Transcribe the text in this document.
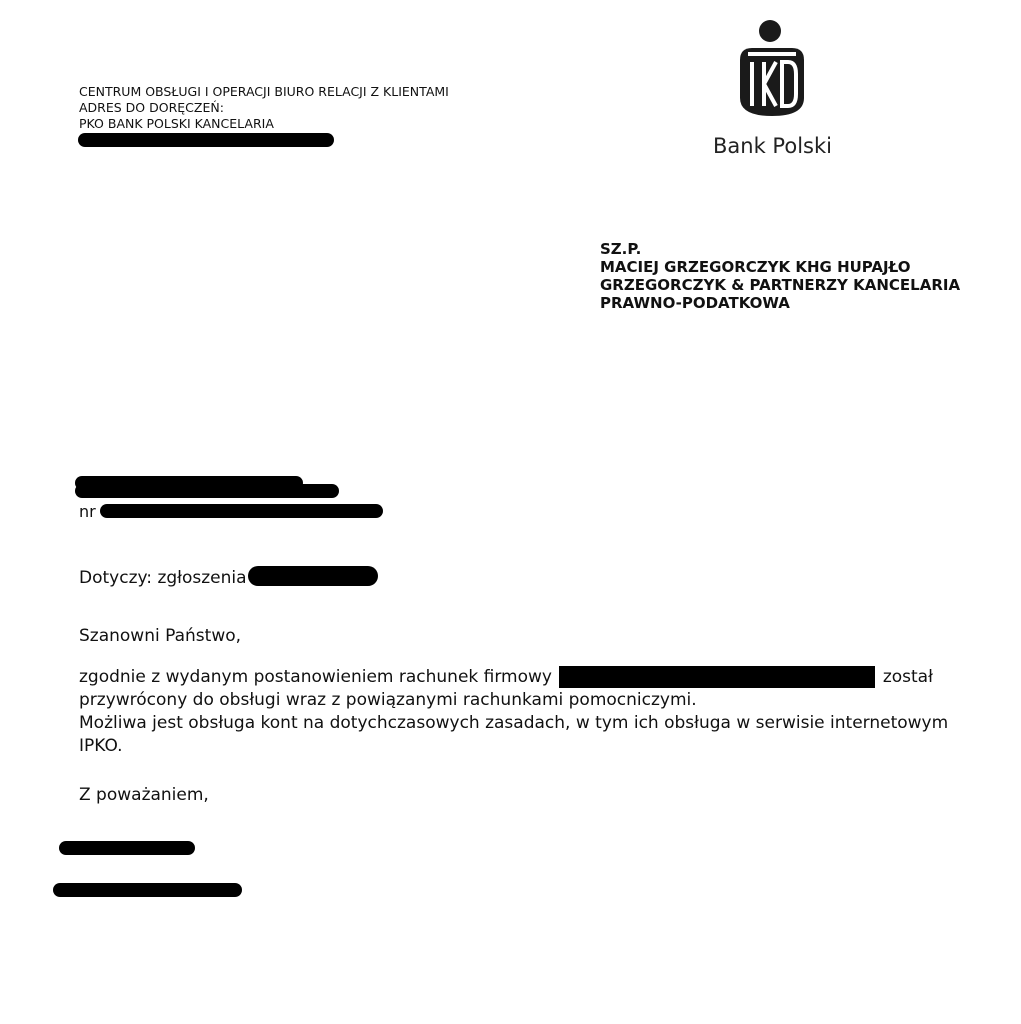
CENTRUM OBSŁUGI I OPERACJI BIURO RELACJI Z KLIENTAMI
ADRES DO DORĘCZEŃ:
PKO BANK POLSKI KANCELARIA
Bank Polski
SZ.P.
MACIEJ GRZEGORCZYK KHG HUPAJŁO
GRZEGORCZYK & PARTNERZY KANCELARIA
PRAWNO-PODATKOWA
nr
Dotyczy: zgłoszenia
Szanowni Państwo,
zgodnie z wydanym postanowieniem rachunek firmowy	został
przywrócony do obsługi wraz z powiązanymi rachunkami pomocniczymi.
Możliwa jest obsługa kont na dotychczasowych zasadach, w tym ich obsługa w serwisie internetowym IPKO.
Z poważaniem,
